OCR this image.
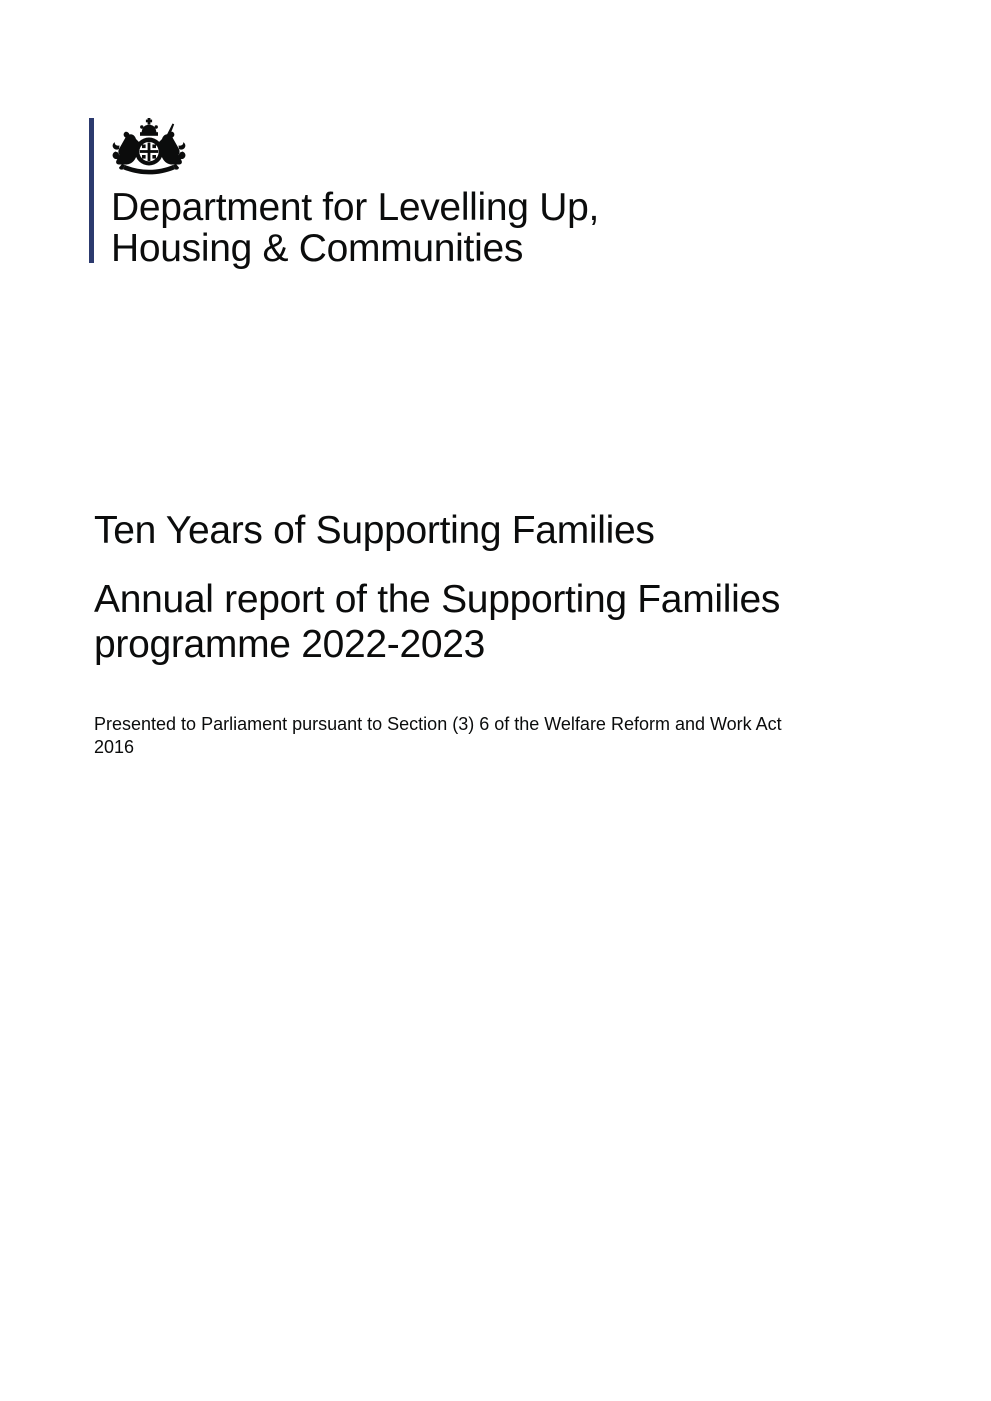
Department for Levelling Up,
Housing & Communities
Ten Years of Supporting Families
Annual report of the Supporting Families
programme 2022-2023

Presented to Parliament pursuant to Section (3) 6 of the Welfare Reform and Work Act
2016
